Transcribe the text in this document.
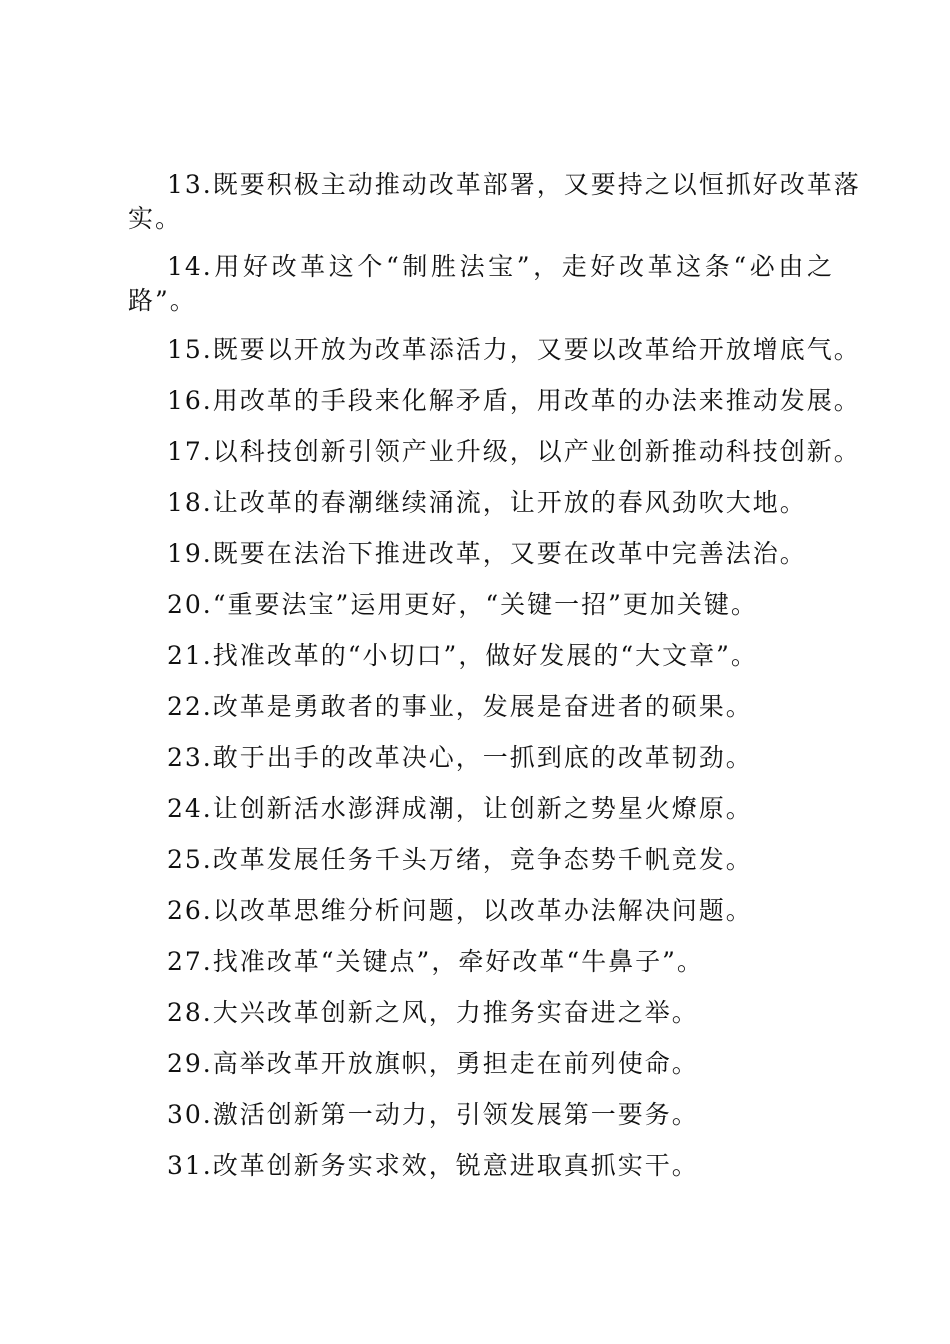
13.既要积极主动推动改革部署，又要持之以恒抓好改革落
实。
14.用好改革这个“制胜法宝”，走好改革这条“必由之
路”。
15.既要以开放为改革添活力，又要以改革给开放增底气。
16.用改革的手段来化解矛盾，用改革的办法来推动发展。
17.以科技创新引领产业升级，以产业创新推动科技创新。
18.让改革的春潮继续涌流，让开放的春风劲吹大地。
19.既要在法治下推进改革，又要在改革中完善法治。
20.“重要法宝”运用更好，“关键一招”更加关键。
21.找准改革的“小切口”，做好发展的“大文章”。
22.改革是勇敢者的事业，发展是奋进者的硕果。
23.敢于出手的改革决心，一抓到底的改革韧劲。
24.让创新活水澎湃成潮，让创新之势星火燎原。
25.改革发展任务千头万绪，竞争态势千帆竞发。
26.以改革思维分析问题，以改革办法解决问题。
27.找准改革“关键点”，牵好改革“牛鼻子”。
28.大兴改革创新之风，力推务实奋进之举。
29.高举改革开放旗帜，勇担走在前列使命。
30.激活创新第一动力，引领发展第一要务。
31.改革创新务实求效，锐意进取真抓实干。
